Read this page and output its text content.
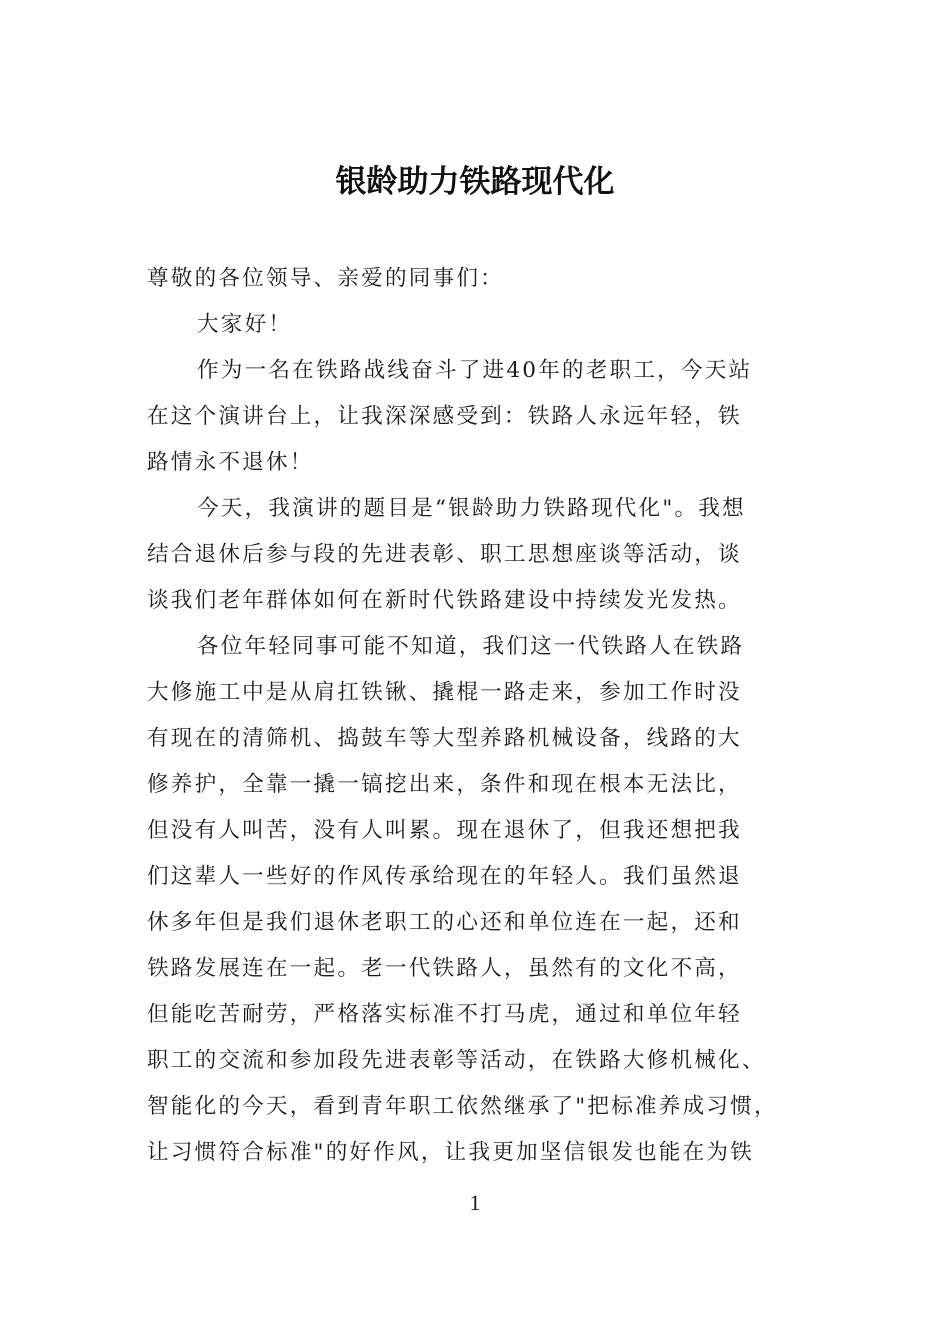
银龄助力铁路现代化
尊敬的各位领导、亲爱的同事们：
大家好！
作为一名在铁路战线奋斗了进40年的老职工，今天站
在这个演讲台上，让我深深感受到：铁路人永远年轻，铁
路情永不退休！
今天，我演讲的题目是“银龄助力铁路现代化"。我想
结合退休后参与段的先进表彰、职工思想座谈等活动，谈
谈我们老年群体如何在新时代铁路建设中持续发光发热。
各位年轻同事可能不知道，我们这一代铁路人在铁路
大修施工中是从肩扛铁锹、撬棍一路走来，参加工作时没
有现在的清筛机、捣鼓车等大型养路机械设备，线路的大
修养护，全靠一撬一镐挖出来，条件和现在根本无法比，
但没有人叫苦，没有人叫累。现在退休了，但我还想把我
们这辈人一些好的作风传承给现在的年轻人。我们虽然退
休多年但是我们退休老职工的心还和单位连在一起，还和
铁路发展连在一起。老一代铁路人，虽然有的文化不高，
但能吃苦耐劳，严格落实标准不打马虎，通过和单位年轻
职工的交流和参加段先进表彰等活动，在铁路大修机械化、
智能化的今天，看到青年职工依然继承了"把标准养成习惯，
让习惯符合标准"的好作风，让我更加坚信银发也能在为铁
1
